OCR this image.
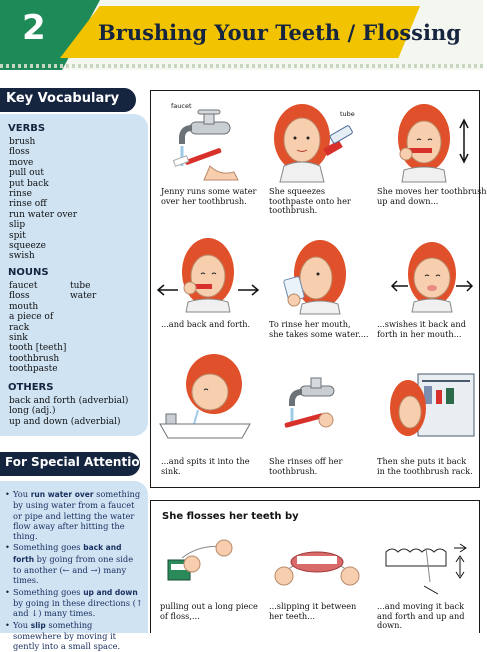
2 Brushing Your Teeth / Flossing
Key Vocabulary
VERBS
brush
floss
move
pull out
put back
rinse
rinse off
run water over
slip
spit
squeeze
swish
NOUNS
faucet
floss
mouth
a piece of
rack
sink
tooth [teeth]
toothbrush
toothpaste
tube
water
OTHERS
back and forth (adverbial)
long (adj.)
up and down (adverbial)
For Special Attention
• You run water over something by using water from a faucet or pipe and letting the water flow away after hitting the thing.
• Something goes back and forth by going from one side to another (← and →) many times.
• Something goes up and down by going in these directions (↑ and ↓) many times.
• You slip something somewhere by moving it gently into a small space.
faucet
tube
Jenny runs some water
over her toothbrush.
She squeezes
toothpaste onto her
toothbrush.
She moves her toothbrush
up and down...
...and back and forth. To rinse her mouth,
she takes some water....
...swishes it back and
forth in her mouth...
...and spits it into the
sink.
She rinses off her
toothbrush.
Then she puts it back
in the toothbrush rack.
She flosses her teeth by
pulling out a long piece
of floss,...
...slipping it between
her teeth...
...and moving it back
and forth and up and
down.
